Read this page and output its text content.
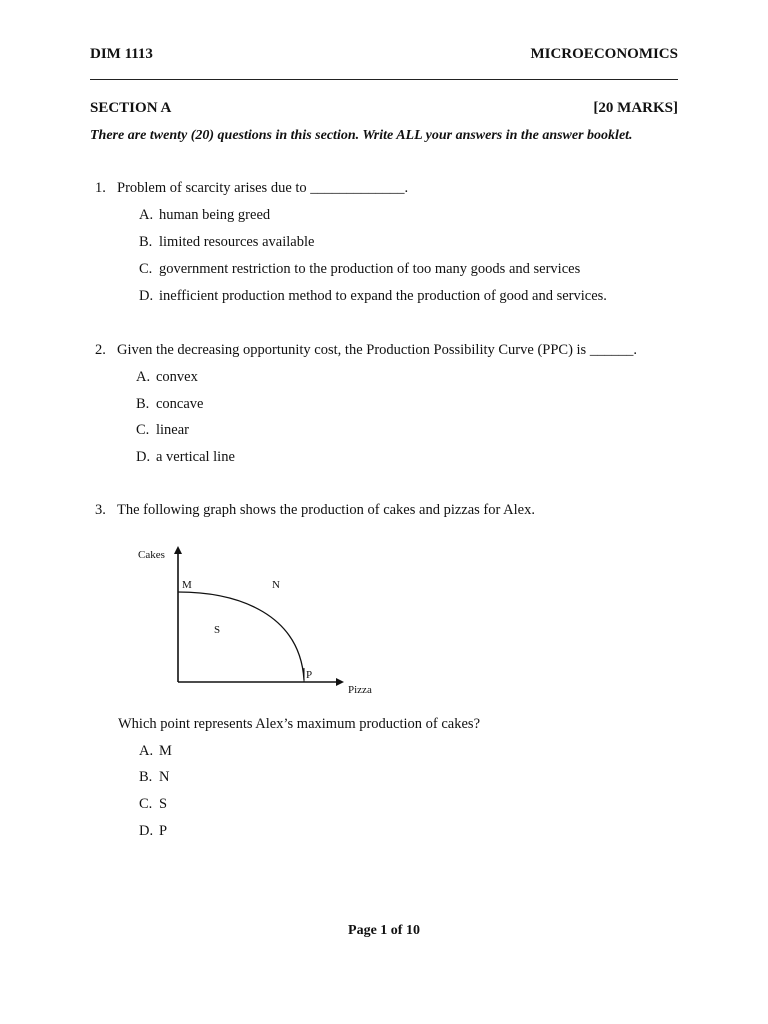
DIM 1113	MICROECONOMICS
SECTION A	[20 MARKS]
There are twenty (20) questions in this section. Write ALL your answers in the answer booklet.
1. Problem of scarcity arises due to _____________.
A. human being greed
B. limited resources available
C. government restriction to the production of too many goods and services
D. inefficient production method to expand the production of good and services.
2. Given the decreasing opportunity cost, the Production Possibility Curve (PPC) is ______.
A. convex
B. concave
C. linear
D. a vertical line
3. The following graph shows the production of cakes and pizzas for Alex.
Cakes
Pizza
M	N
S
P
Which point represents Alex’s maximum production of cakes?
A. M
B. N
C. S
D. P
Page 1 of 10
